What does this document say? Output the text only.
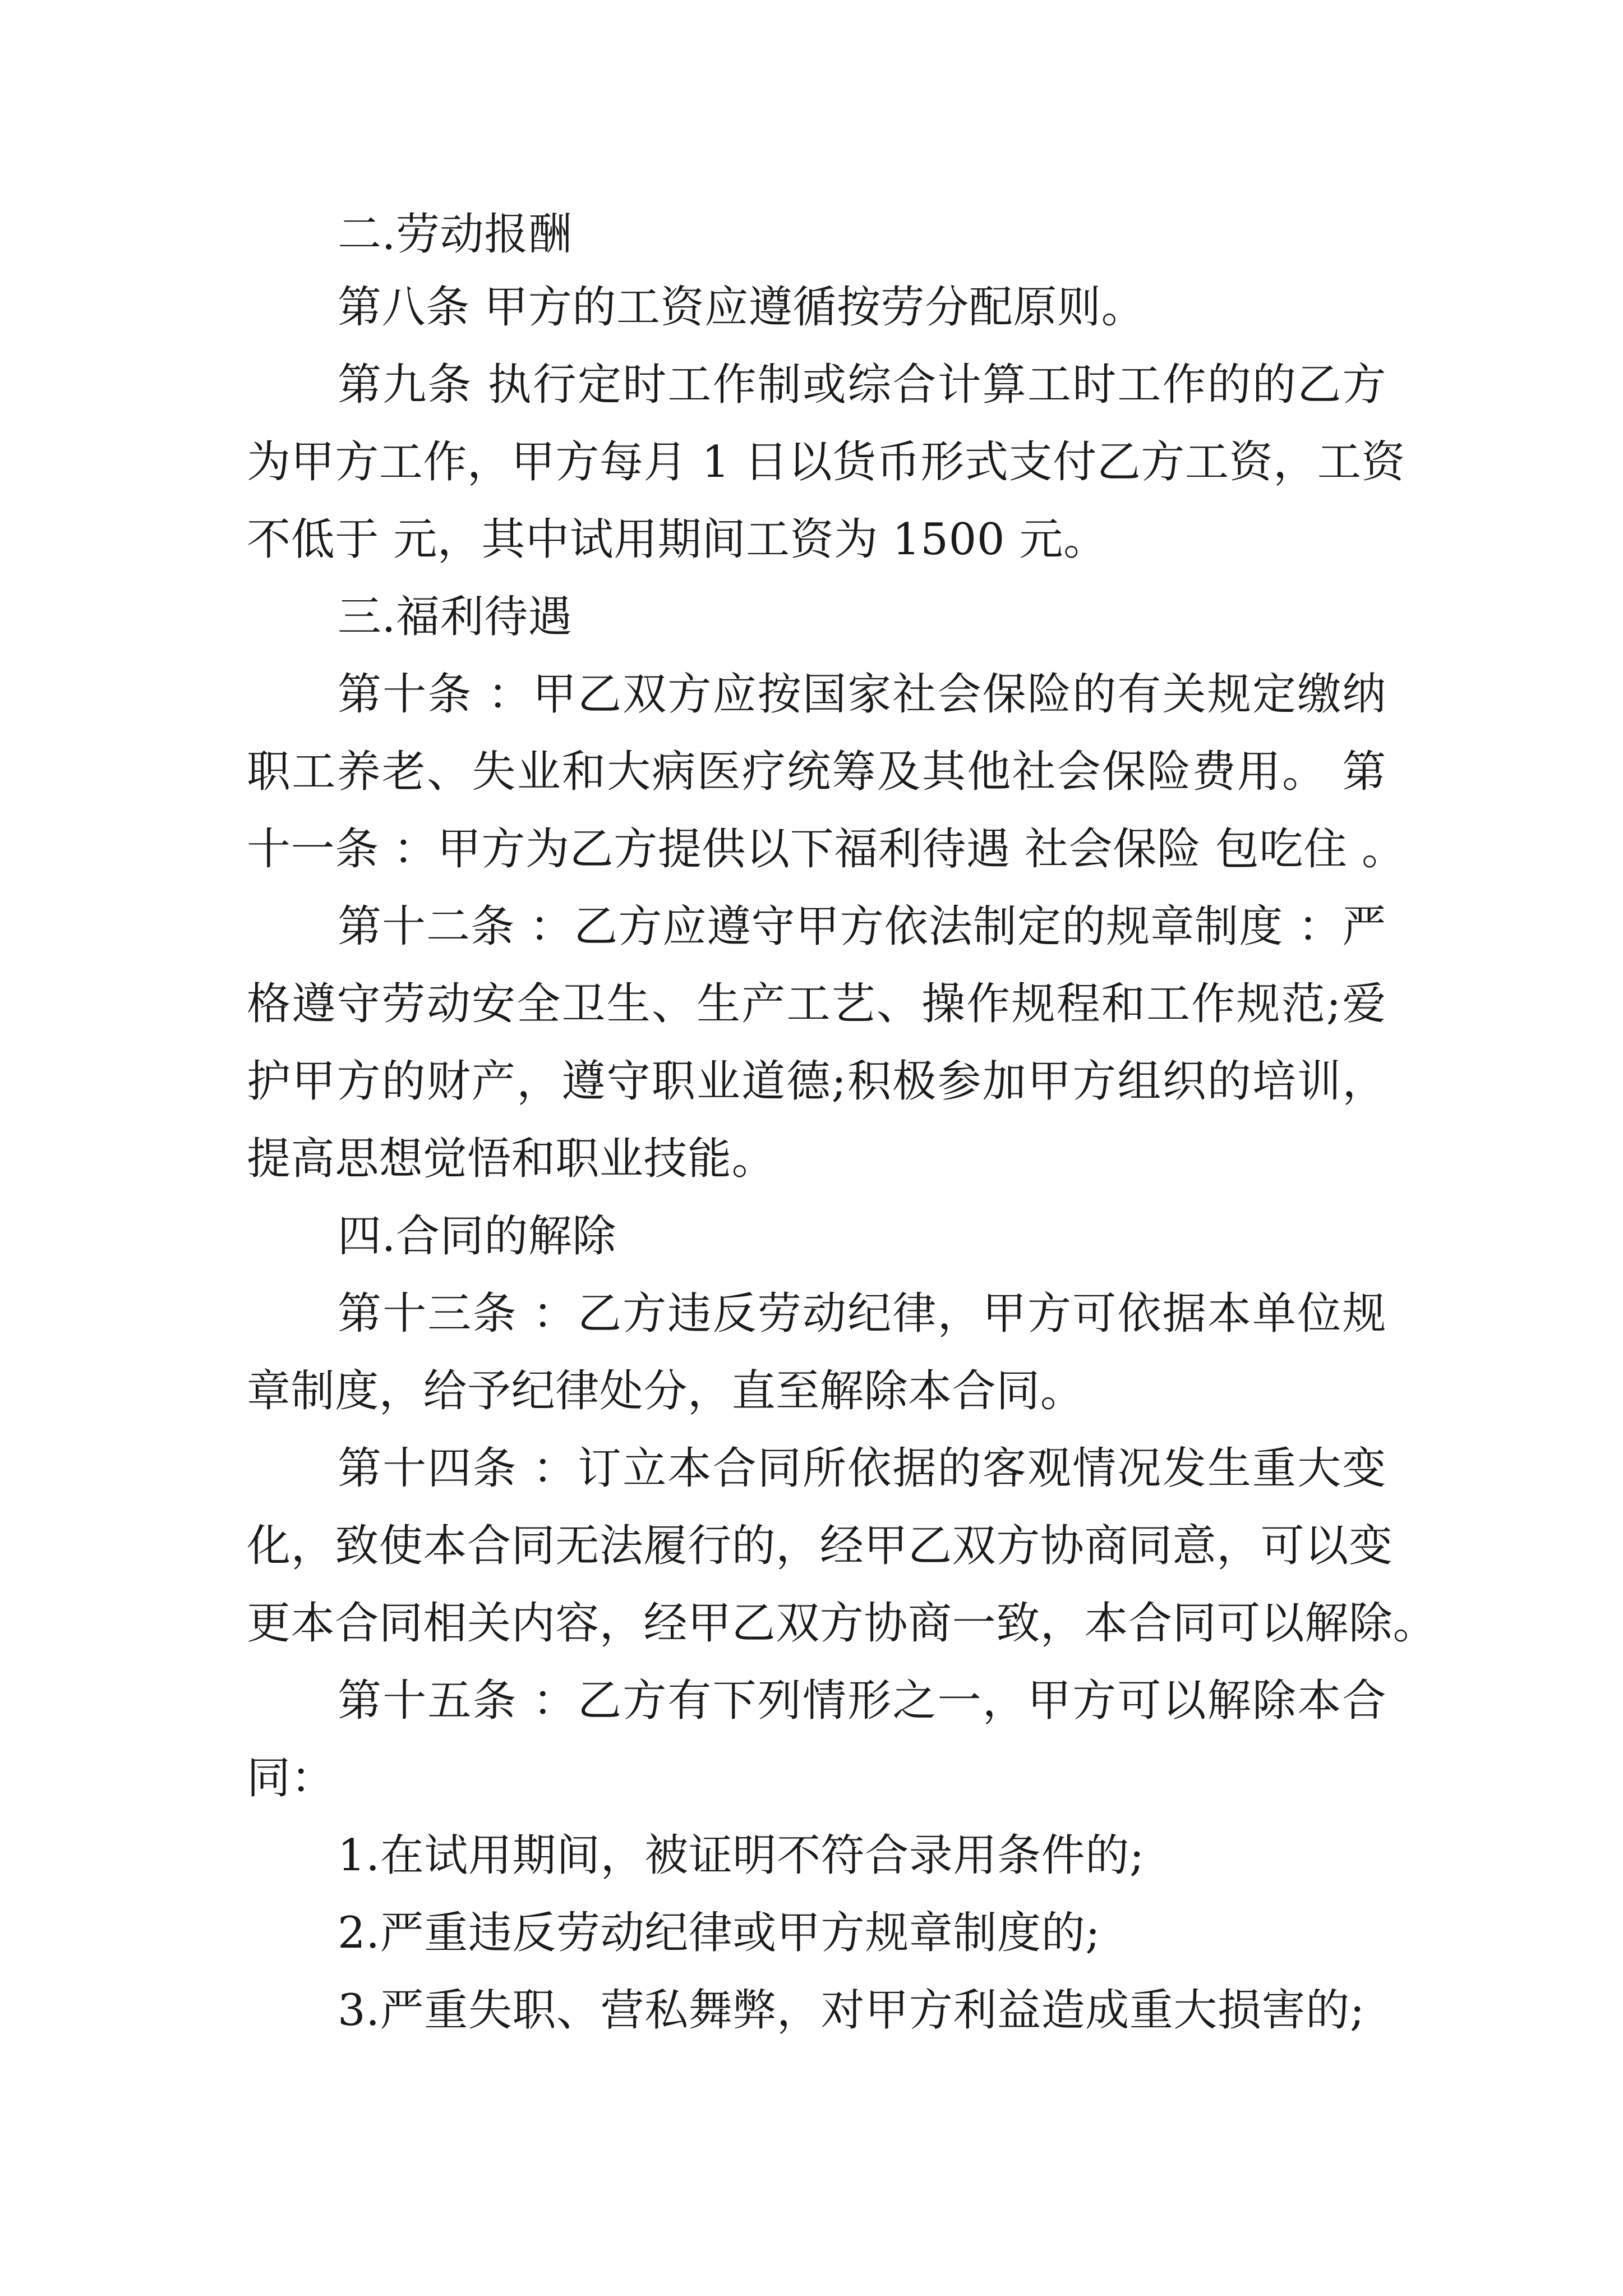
二.劳动报酬
第八条 甲方的工资应遵循按劳分配原则。
第九条 执行定时工作制或综合计算工时工作的的乙方
为甲方工作，甲方每月 1 日以货币形式支付乙方工资，工资
不低于 元，其中试用期间工资为 1500 元。
三.福利待遇
第十条 ：甲乙双方应按国家社会保险的有关规定缴纳
职工养老、失业和大病医疗统筹及其他社会保险费用。 第
十一条 ：甲方为乙方提供以下福利待遇 社会保险 包吃住 。
第十二条 ：乙方应遵守甲方依法制定的规章制度 ：严
格遵守劳动安全卫生、生产工艺、操作规程和工作规范;爱
护甲方的财产，遵守职业道德;积极参加甲方组织的培训，
提高思想觉悟和职业技能。
四.合同的解除
第十三条 ：乙方违反劳动纪律，甲方可依据本单位规
章制度，给予纪律处分，直至解除本合同。
第十四条 ：订立本合同所依据的客观情况发生重大变
化，致使本合同无法履行的，经甲乙双方协商同意，可以变
更本合同相关内容，经甲乙双方协商一致，本合同可以解除。
第十五条 ：乙方有下列情形之一，甲方可以解除本合
同：
1.在试用期间，被证明不符合录用条件的;
2.严重违反劳动纪律或甲方规章制度的;
3.严重失职、营私舞弊，对甲方利益造成重大损害的;
